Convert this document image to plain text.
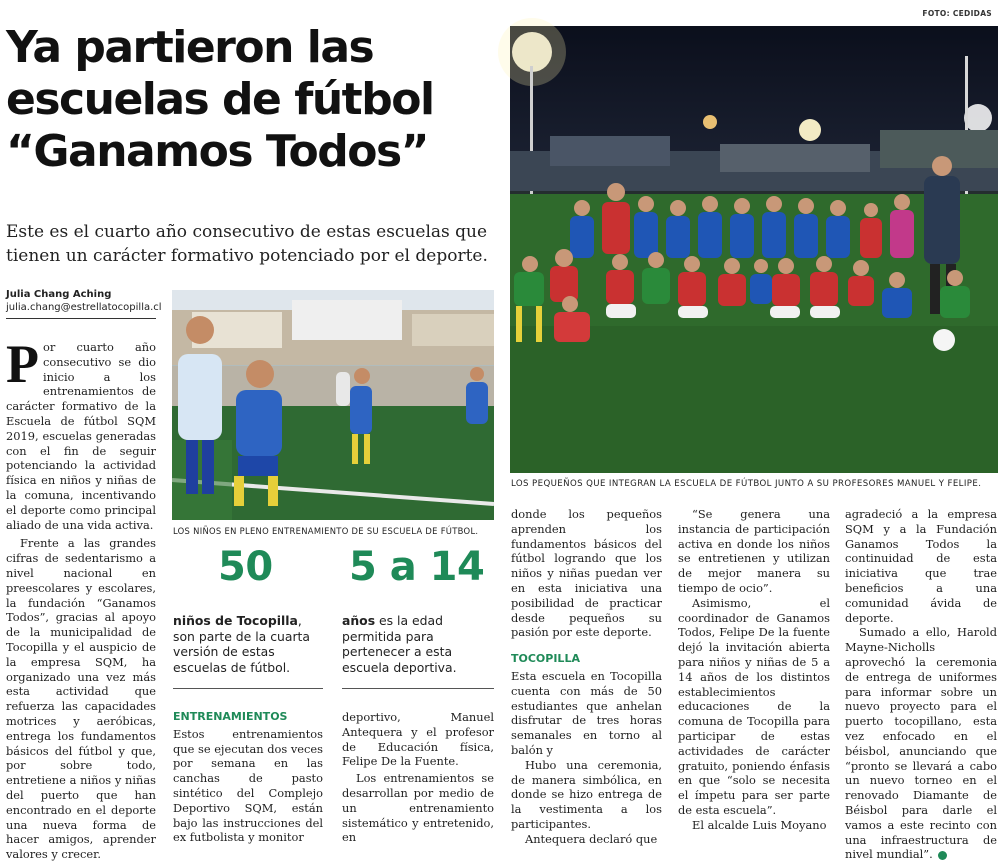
FOTO: CEDIDAS
Ya partieron las
escuelas de fútbol
“Ganamos Todos”
Este es el cuarto año consecutivo de estas escuelas que
tienen un carácter formativo potenciado por el deporte.
Julia Chang Aching
julia.chang@estrellatocopilla.cl
LOS PEQUEÑOS QUE INTEGRAN LA ESCUELA DE FÚTBOL JUNTO A SU PROFESORES MANUEL Y FELIPE.
LOS NIÑOS EN PLENO ENTRENAMIENTO DE SU ESCUELA DE FÚTBOL.
50
niños de Tocopilla, son parte de la cuarta versión de estas escuelas de fútbol.
5 a 14
años es la edad permitida para pertenecer a esta escuela deportiva.

Por cuarto año consecutivo se dio inicio a los entrenamientos de carácter formativo de la Escuela de fútbol SQM 2019, escuelas generadas con el fin de seguir potenciando la actividad física en niños y niñas de la comuna, incentivando el deporte como principal aliado de una vida activa.

Frente a las grandes cifras de sedentarismo a nivel nacional en preescolares y escolares, la fundación “Ganamos Todos”, gracias al apoyo de la municipalidad de Tocopilla y el auspicio de la empresa SQM, ha organizado una vez más esta actividad que refuerza las capacidades motrices y aeróbicas, entrega los fundamentos básicos del fútbol y que, por sobre todo, entretiene a niños y niñas del puerto que han encontrado en el deporte una nueva forma de hacer amigos, aprender valores y crecer.

ENTRENAMIENTOS

Estos entrenamientos que se ejecutan dos veces por semana en las canchas de pasto sintético del Complejo Deportivo SQM, están bajo las instrucciones del ex futbolista y monitor

deportivo, Manuel Antequera y el profesor de Educación física, Felipe De la Fuente.

Los entrenamientos se desarrollan por medio de un entrenamiento sistemático y entretenido, en

donde los pequeños aprenden los fundamentos básicos del fútbol logrando que los niños y niñas puedan ver en esta iniciativa una posibilidad de practicar desde pequeños su pasión por este deporte.

TOCOPILLA

Esta escuela en Tocopilla cuenta con más de 50 estudiantes que anhelan disfrutar de tres horas semanales en torno al balón y

Hubo una ceremonia, de manera simbólica, en donde se hizo entrega de la vestimenta a los participantes.

Antequera declaró que

“Se genera una instancia de participación activa en donde los niños se entretienen y utilizan de mejor manera su tiempo de ocio”.

Asimismo, el coordinador de Ganamos Todos, Felipe De la fuente dejó la invitación abierta para niños y niñas de 5 a 14 años de los distintos establecimientos educaciones de la comuna de Tocopilla para participar de estas actividades de carácter gratuito, poniendo énfasis en que “solo se necesita el ímpetu para ser parte de esta escuela”.

El alcalde Luis Moyano

agradeció a la empresa SQM y a la Fundación Ganamos Todos la continuidad de esta iniciativa que trae beneficios a una comunidad ávida de deporte.

Sumado a ello, Harold Mayne-Nicholls aprovechó la ceremonia de entrega de uniformes para informar sobre un nuevo proyecto para el puerto tocopillano, esta vez enfocado en el béisbol, anunciando que “pronto se llevará a cabo un nuevo torneo en el renovado Diamante de Béisbol para darle el vamos a este recinto con una infraestructura de nivel mundial”.
